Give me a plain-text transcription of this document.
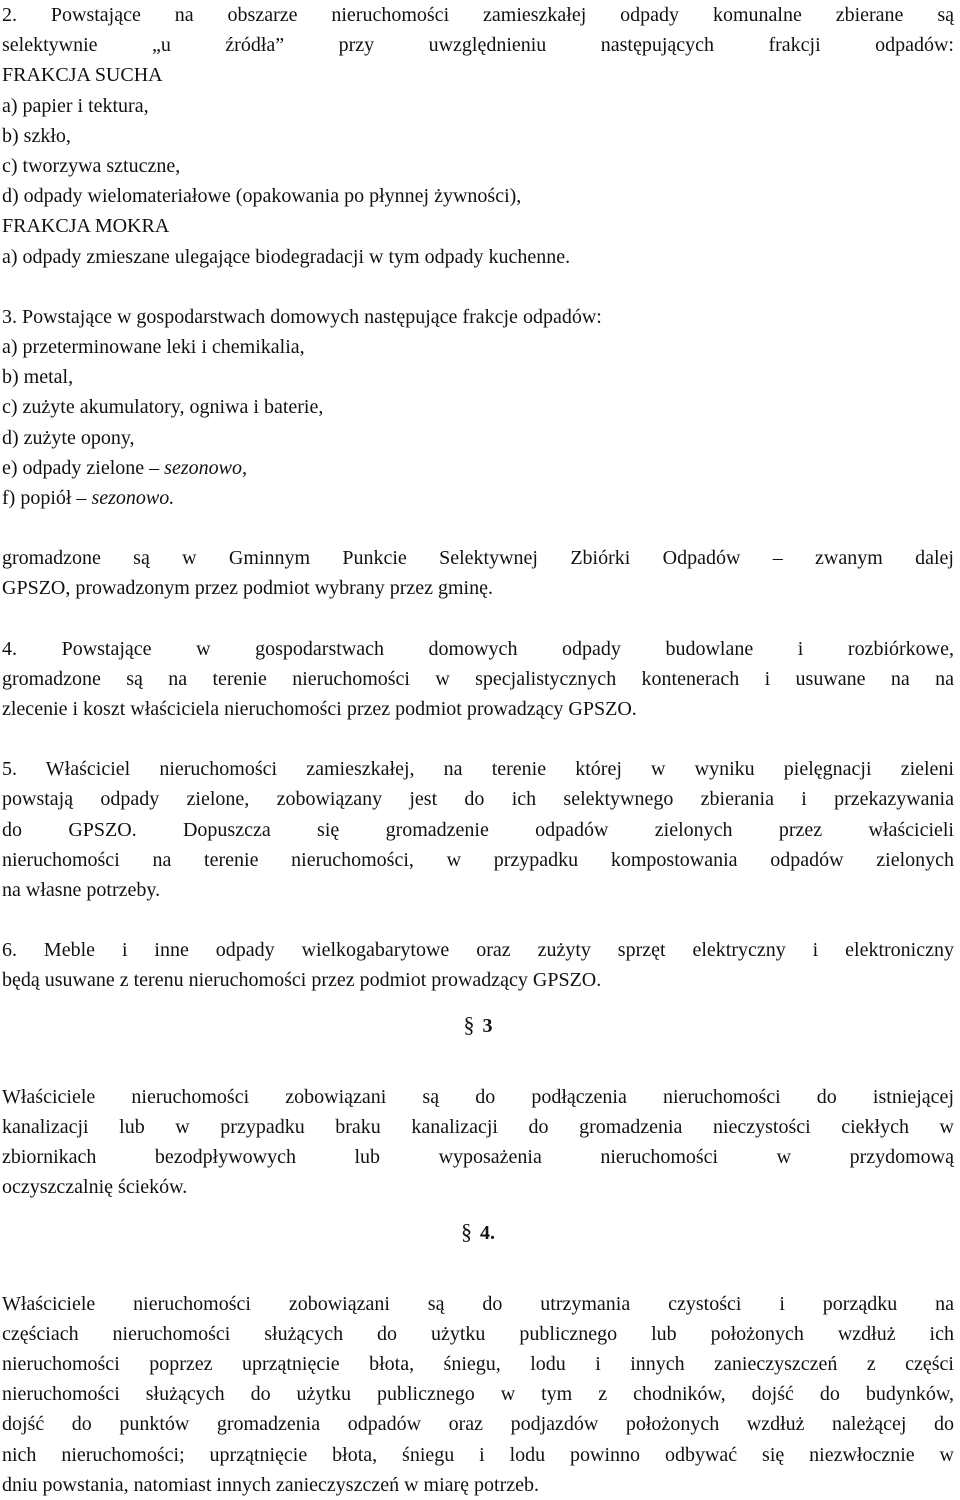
2. Powstające na obszarze nieruchomości zamieszkałej odpady komunalne zbierane są

selektywnie „u źródła” przy uwzględnieniu następujących frakcji odpadów:

FRAKCJA SUCHA

a) papier i tektura,

b) szkło,

c) tworzywa sztuczne,

d) odpady wielomateriałowe (opakowania po płynnej żywności),

FRAKCJA MOKRA

a) odpady zmieszane ulegające biodegradacji w tym odpady kuchenne.

3. Powstające w gospodarstwach domowych następujące frakcje odpadów:

a) przeterminowane leki i chemikalia,

b) metal,

c) zużyte akumulatory, ogniwa i baterie,

d) zużyte opony,

e) odpady zielone – sezonowo,

f) popiół – sezonowo.

gromadzone są w Gminnym Punkcie Selektywnej Zbiórki Odpadów – zwanym dalej

GPSZO, prowadzonym przez podmiot wybrany przez gminę.

4. Powstające w gospodarstwach domowych odpady budowlane i rozbiórkowe,

gromadzone są na terenie nieruchomości w specjalistycznych kontenerach i usuwane na na

zlecenie i koszt właściciela nieruchomości przez podmiot prowadzący GPSZO.

5. Właściciel nieruchomości zamieszkałej, na terenie której w wyniku pielęgnacji zieleni

powstają odpady zielone, zobowiązany jest do ich selektywnego zbierania i przekazywania

do GPSZO. Dopuszcza się gromadzenie odpadów zielonych przez właścicieli

nieruchomości na terenie nieruchomości, w przypadku kompostowania odpadów zielonych

na własne potrzeby.

6. Meble i inne odpady wielkogabarytowe oraz zużyty sprzęt elektryczny i elektroniczny

będą usuwane z terenu nieruchomości przez podmiot prowadzący GPSZO.

§ 3

Właściciele nieruchomości zobowiązani są do podłączenia nieruchomości do istniejącej

kanalizacji lub w przypadku braku kanalizacji do gromadzenia nieczystości ciekłych w

zbiornikach bezodpływowych lub wyposażenia nieruchomości w przydomową

oczyszczalnię ścieków.

§ 4.

Właściciele nieruchomości zobowiązani są do utrzymania czystości i porządku na

częściach nieruchomości służących do użytku publicznego lub położonych wzdłuż ich

nieruchomości poprzez uprzątnięcie błota, śniegu, lodu i innych zanieczyszczeń z części

nieruchomości służących do użytku publicznego w tym z chodników, dojść do budynków,

dojść do punktów gromadzenia odpadów oraz podjazdów położonych wzdłuż należącej do

nich nieruchomości; uprzątnięcie błota, śniegu i lodu powinno odbywać się niezwłocznie w

dniu powstania, natomiast innych zanieczyszczeń w miarę potrzeb.
